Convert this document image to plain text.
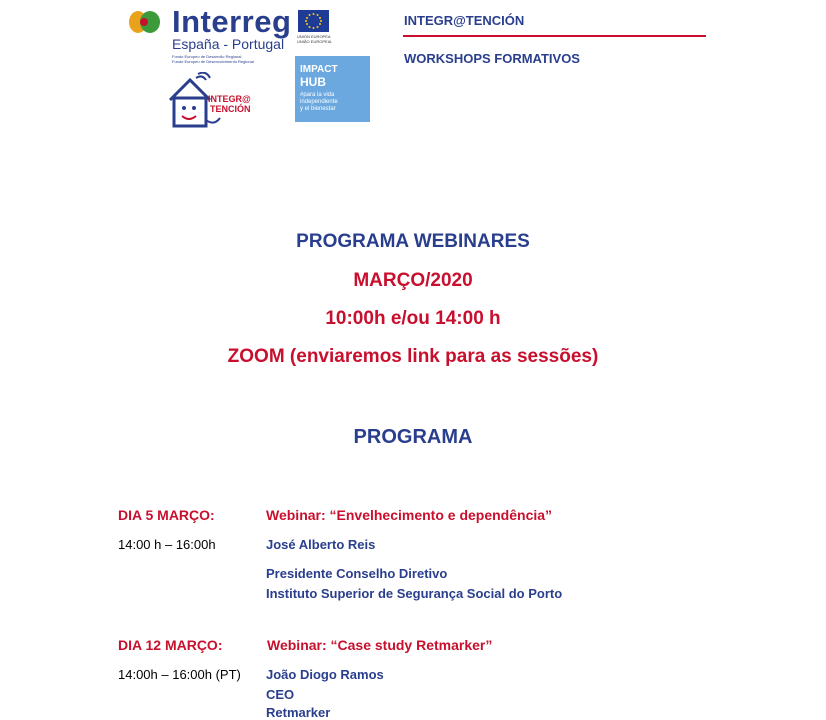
Interreg
España - Portugal
Fondo Europeo de Desarrollo Regional
Fundo Europeu de Desenvolvimento Regional
UNIÓN EUROPEA
UNIÃO EUROPEIA
INTEGR@
TENCIÓN
IMPACT
HUB
#para la vida
independiente
y el bienestar
INTEGR@TENCIÓN
WORKSHOPS FORMATIVOS
PROGRAMA WEBINARES
MARÇO/2020
10:00h e/ou 14:00 h
ZOOM (enviaremos link para as sessões)
PROGRAMA
DIA 5 MARÇO:	Webinar: “Envelhecimento e dependência”
14:00 h – 16:00h	José Alberto Reis
Presidente Conselho Diretivo
Instituto Superior de Segurança Social do Porto
DIA 12 MARÇO:	Webinar: “Case study Retmarker”
14:00h – 16:00h (PT) João Diogo Ramos
CEO
Retmarker
